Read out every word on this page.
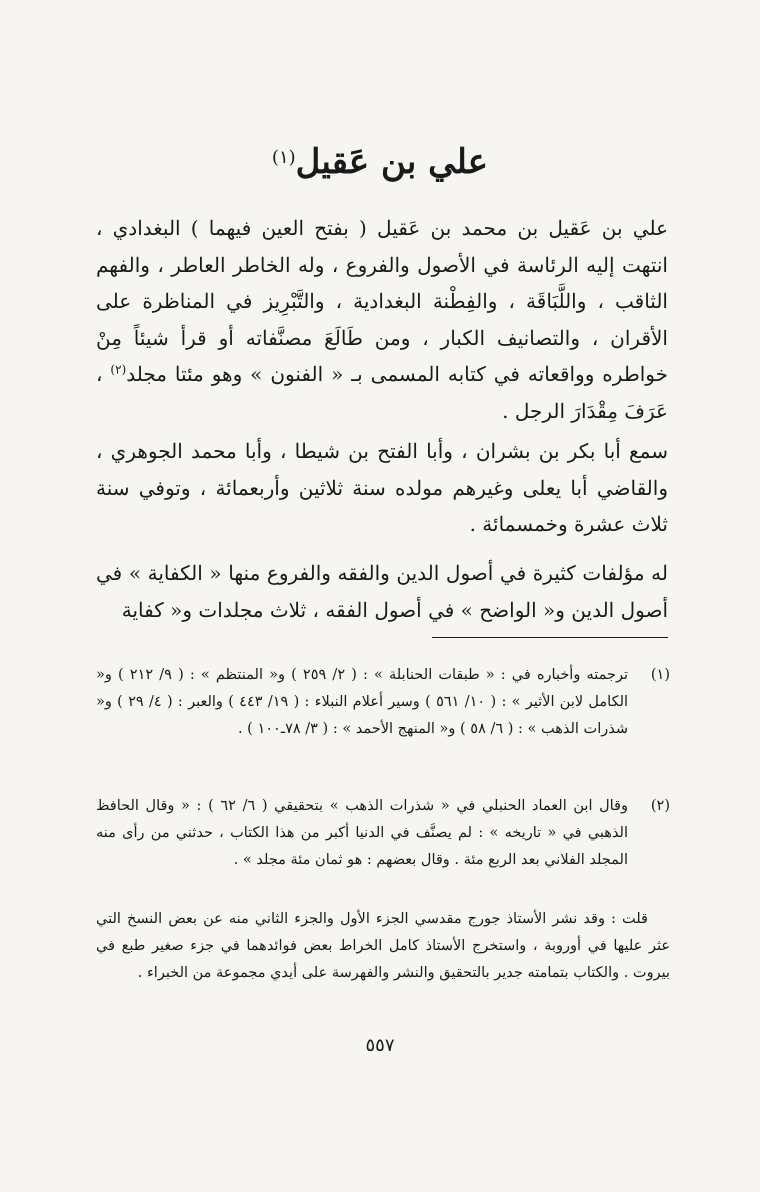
علي بن عَقيل$^{(١)}$
علي بن عَقيل بن محمد بن عَقيل ( بفتح العين فيهما ) البغدادي ، انتهت إليه الرئاسة في الأصول والفروع ، وله الخاطر العاطر ، والفهم الثاقب ، واللَّبَاقَة ، والفِطْنة البغدادية ، والتَّبْرِيز في المناظرة على الأقران ، والتصانيف الكبار ، ومن طَالَعَ مصنَّفاته أو قرأ شيئاً مِنْ خواطره وواقعاته في كتابه المسمى بـ « الفنون » وهو مئتا مجلد$^{(٢)}$ ، عَرَفَ مِقْدَارَ الرجل .
سمع أبا بكر بن بشران ، وأبا الفتح بن شيطا ، وأبا محمد الجوهري ، والقاضي أبا يعلى وغيرهم مولده سنة ثلاثين وأربعمائة ، وتوفي سنة ثلاث عشرة وخمسمائة .
له مؤلفات كثيرة في أصول الدين والفقه والفروع منها « الكفاية » في أصول الدين و« الواضح » في أصول الفقه ، ثلاث مجلدات و« كفاية
(١)
ترجمته وأخباره في : « طبقات الحنابلة » : ( ٢/ ٢٥٩ ) و« المنتظم » : ( ٩/ ٢١٢ ) و« الكامل لابن الأثير » : ( ١٠/ ٥٦١ ) وسير أعلام النبلاء : ( ١٩/ ٤٤٣ ) والعبر : ( ٤/ ٢٩ ) و« شذرات الذهب » : ( ٦/ ٥٨ ) و« المنهج الأحمد » : ( ٣/ ٧٨ـ١٠٠ ) .
(٢)
وقال ابن العماد الحنبلي في « شذرات الذهب » بتحقيقي ( ٦/ ٦٢ ) : « وقال الحافظ الذهبي في « تاريخه » : لم يصنَّف في الدنيا أكبر من هذا الكتاب ، حدثني من رأى منه المجلد الفلاني بعد الربع مئة . وقال بعضهم : هو ثمان مئة مجلد » .

قلت : وقد نشر الأستاذ جورج مقدسي الجزء الأول والجزء الثاني منه عن بعض النسخ التي عثر عليها في أوروبة ، واستخرج الأستاذ كامل الخراط بعض فوائدهما في جزء صغير طبع في بيروت . والكتاب بتمامته جدير بالتحقيق والنشر والفهرسة على أيدي مجموعة من الخبراء .

٥٥٧
